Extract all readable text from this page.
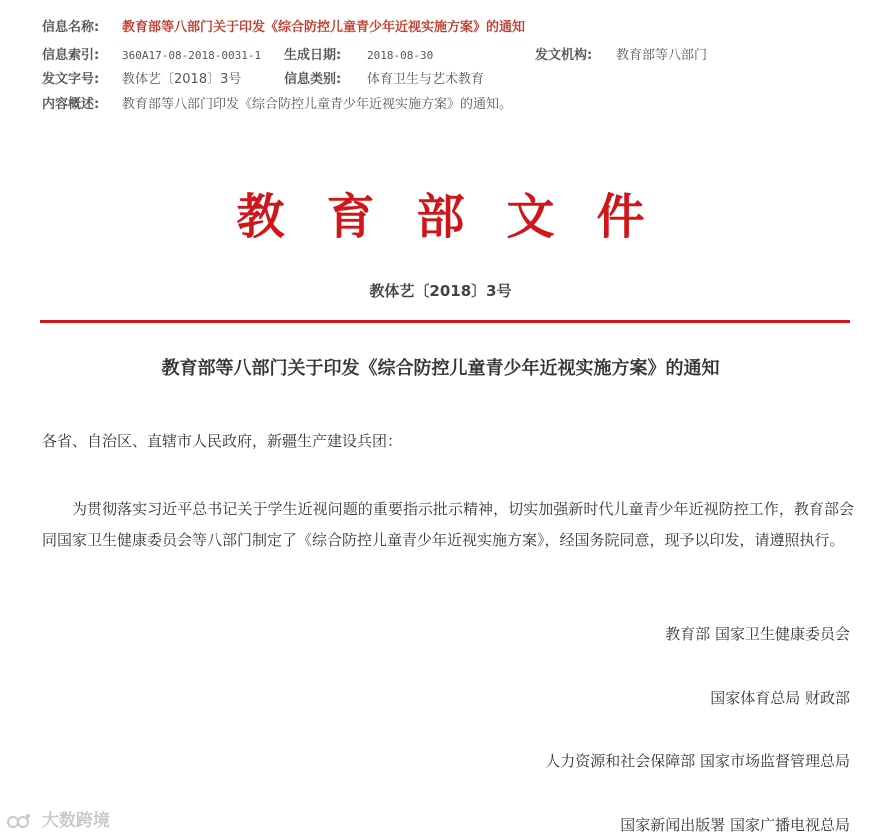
信息名称: 教育部等八部门关于印发《综合防控儿童青少年近视实施方案》的通知
信息索引: 360A17-08-2018-0031-1 生成日期: 2018-08-30	发文机构: 教育部等八部门
发文字号: 教体艺〔2018〕3号	信息类别: 体育卫生与艺术教育
内容概述: 教育部等八部门印发《综合防控儿童青少年近视实施方案》的通知。
教育部文件
教体艺〔2018〕3号
教育部等八部门关于印发《综合防控儿童青少年近视实施方案》的通知
各省、自治区、直辖市人民政府，新疆生产建设兵团：
为贯彻落实习近平总书记关于学生近视问题的重要指示批示精神，切实加强新时代儿童青少年近视防控工作，教育部会同国家卫生健康委员会等八部门制定了《综合防控儿童青少年近视实施方案》，经国务院同意，现予以印发，请遵照执行。
教育部 国家卫生健康委员会
国家体育总局 财政部
人力资源和社会保障部 国家市场监督管理总局
国家新闻出版署 国家广播电视总局
大数跨境
